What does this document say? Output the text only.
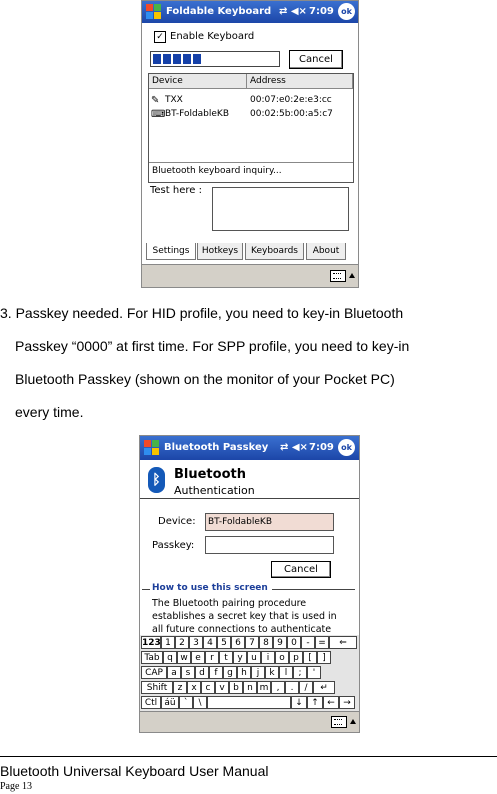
Foldable Keyboard ⇄ ◀× 7:09 ok
✓ Enable Keyboard
Cancel
Device	Address
✎ TXX	00:07:e0:2e:e3:cc
⌨ BT-FoldableKB 00:02:5b:00:a5:c7
Bluetooth keyboard inquiry...
Test here :
Settings	Hotkeys	Keyboards	About
3. Passkey needed. For HID profile, you need to key-in Bluetooth
Passkey “0000” at first time. For SPP profile, you need to key-in
Bluetooth Passkey (shown on the monitor of your Pocket PC)
every time.
Bluetooth Passkey ⇄ ◀× 7:09 ok
ᛒ	Bluetooth
Authentication
Device:	BT-FoldableKB
Passkey:
Cancel
How to use this screen
The Bluetooth pairing procedure
establishes a secret key that is used in
all future connections to authenticate
123 1 2 3 4 5 6 7 8 9 0	- =	⇐
Tab q w e	r	t	y u	i	o p	[	]
CAP a s d	f	g h	j	k	l	;	'
Shift	z x c v b n m ,	.	/	↵
Ctl áü `	\	↓ ↑ ← →
Bluetooth Universal Keyboard User Manual
Page 13
